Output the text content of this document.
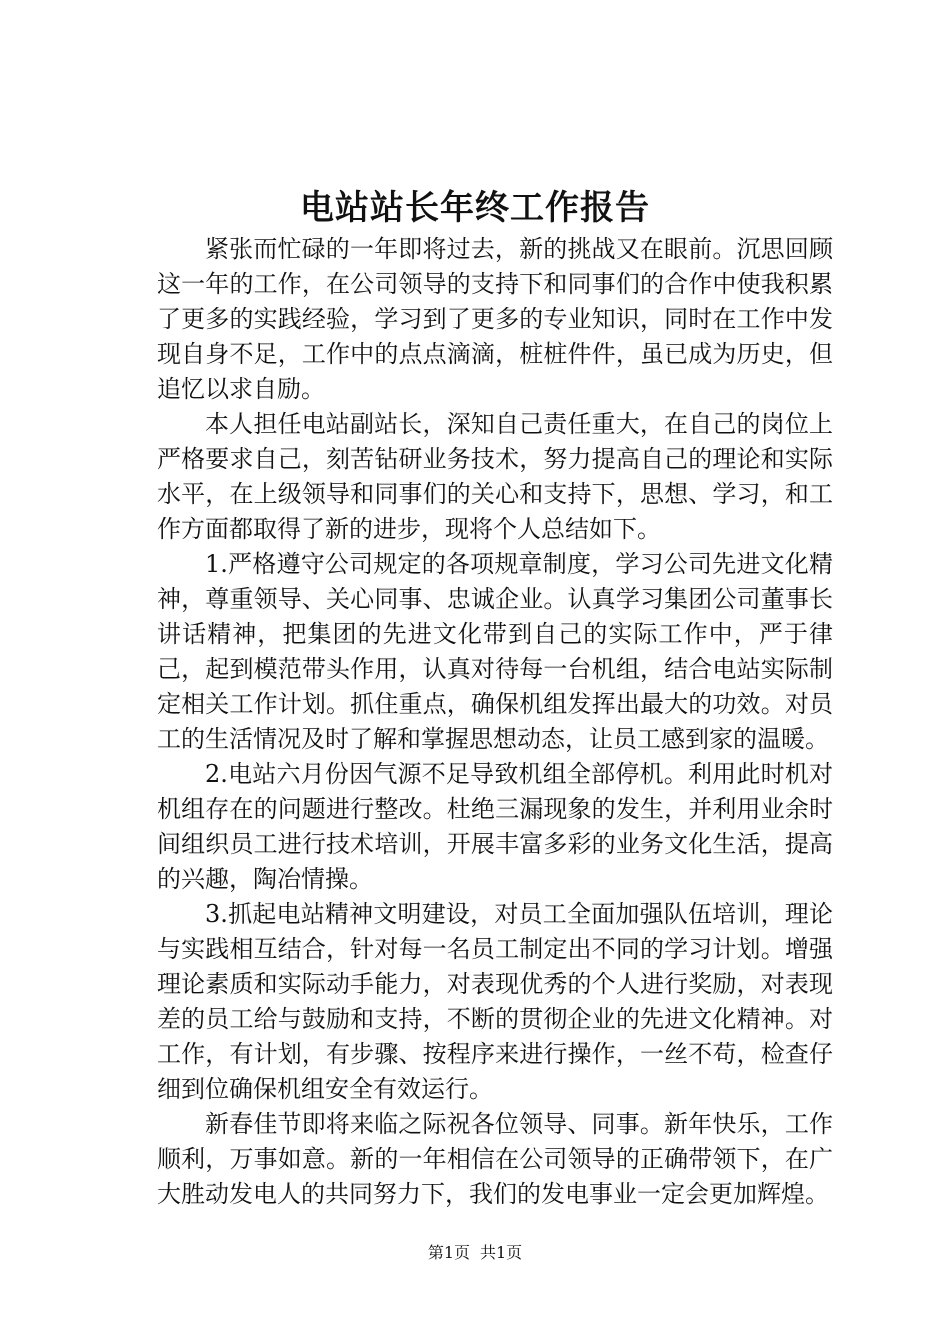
电站站长年终工作报告

紧张而忙碌的一年即将过去，新的挑战又在眼前。沉思回顾这一年的工作，在公司领导的支持下和同事们的合作中使我积累了更多的实践经验，学习到了更多的专业知识，同时在工作中发现自身不足，工作中的点点滴滴，桩桩件件，虽已成为历史，但追忆以求自励。

本人担任电站副站长，深知自己责任重大，在自己的岗位上严格要求自己，刻苦钻研业务技术，努力提高自己的理论和实际水平，在上级领导和同事们的关心和支持下，思想、学习，和工作方面都取得了新的进步，现将个人总结如下。

1.严格遵守公司规定的各项规章制度，学习公司先进文化精神，尊重领导、关心同事、忠诚企业。认真学习集团公司董事长讲话精神，把集团的先进文化带到自己的实际工作中，严于律己，起到模范带头作用，认真对待每一台机组，结合电站实际制定相关工作计划。抓住重点，确保机组发挥出最大的功效。对员工的生活情况及时了解和掌握思想动态，让员工感到家的温暖。

2.电站六月份因气源不足导致机组全部停机。利用此时机对机组存在的问题进行整改。杜绝三漏现象的发生，并利用业余时间组织员工进行技术培训，开展丰富多彩的业务文化生活，提高的兴趣，陶冶情操。

3.抓起电站精神文明建设，对员工全面加强队伍培训，理论与实践相互结合，针对每一名员工制定出不同的学习计划。增强理论素质和实际动手能力，对表现优秀的个人进行奖励，对表现差的员工给与鼓励和支持，不断的贯彻企业的先进文化精神。对工作，有计划，有步骤、按程序来进行操作，一丝不苟，检查仔细到位确保机组安全有效运行。

新春佳节即将来临之际祝各位领导、同事。新年快乐，工作顺利，万事如意。新的一年相信在公司领导的正确带领下，在广大胜动发电人的共同努力下，我们的发电事业一定会更加辉煌。

第1页 共1页
